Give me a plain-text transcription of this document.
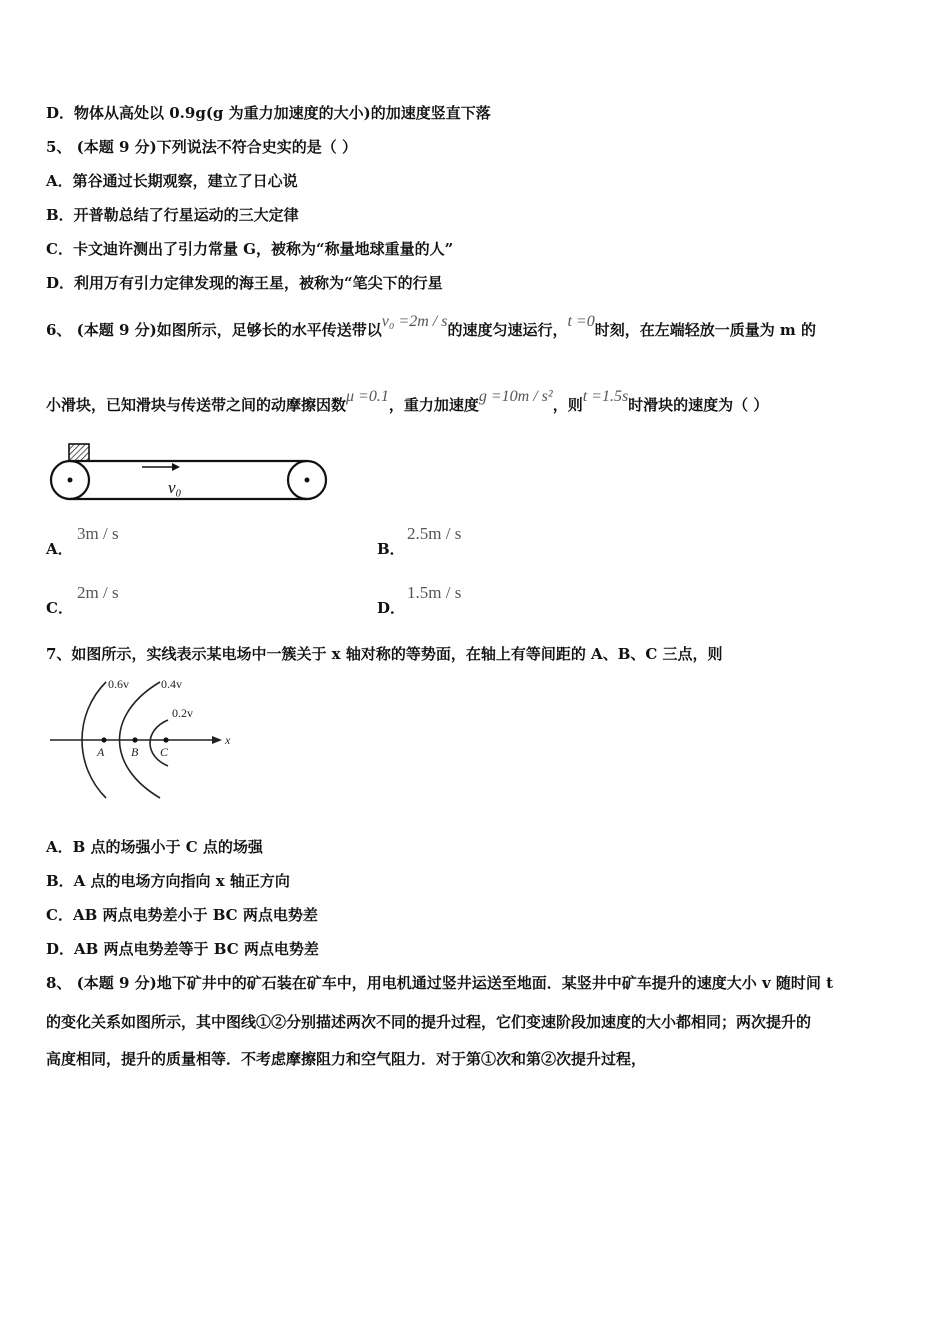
D．物体从高处以 0.9g(g 为重力加速度的大小)的加速度竖直下落
5、 (本题 9 分)下列说法不符合史实的是（ ）
A．第谷通过长期观察，建立了日心说
B．开普勒总结了行星运动的三大定律
C．卡文迪许测出了引力常量 G，被称为“称量地球重量的人”
D．利用万有引力定律发现的海王星，被称为“笔尖下的行星
6、 (本题 9 分)如图所示，足够长的水平传送带以v₀ =2m / s的速度匀速运行，t =0时刻，在左端轻放一质量为 m 的
小滑块，已知滑块与传送带之间的动摩擦因数μ =0.1，重力加速度g =10m / s²，则t =1.5s时滑块的速度为（ ）
v₀
A．
3m / s
B．
2.5m / s
C．
2m / s
D．
1.5m / s
7、如图所示，实线表示某电场中一簇关于 x 轴对称的等势面，在轴上有等间距的 A、B、C 三点，则
0.6v	0.4v
0.2v
A B C
x
A．B 点的场强小于 C 点的场强
B．A 点的电场方向指向 x 轴正方向
C．AB 两点电势差小于 BC 两点电势差
D．AB 两点电势差等于 BC 两点电势差
8、 (本题 9 分)地下矿井中的矿石装在矿车中，用电机通过竖井运送至地面．某竖井中矿车提升的速度大小 v 随时间 t
的变化关系如图所示，其中图线①②分别描述两次不同的提升过程，它们变速阶段加速度的大小都相同；两次提升的
高度相同，提升的质量相等．不考虑摩擦阻力和空气阻力．对于第①次和第②次提升过程，
